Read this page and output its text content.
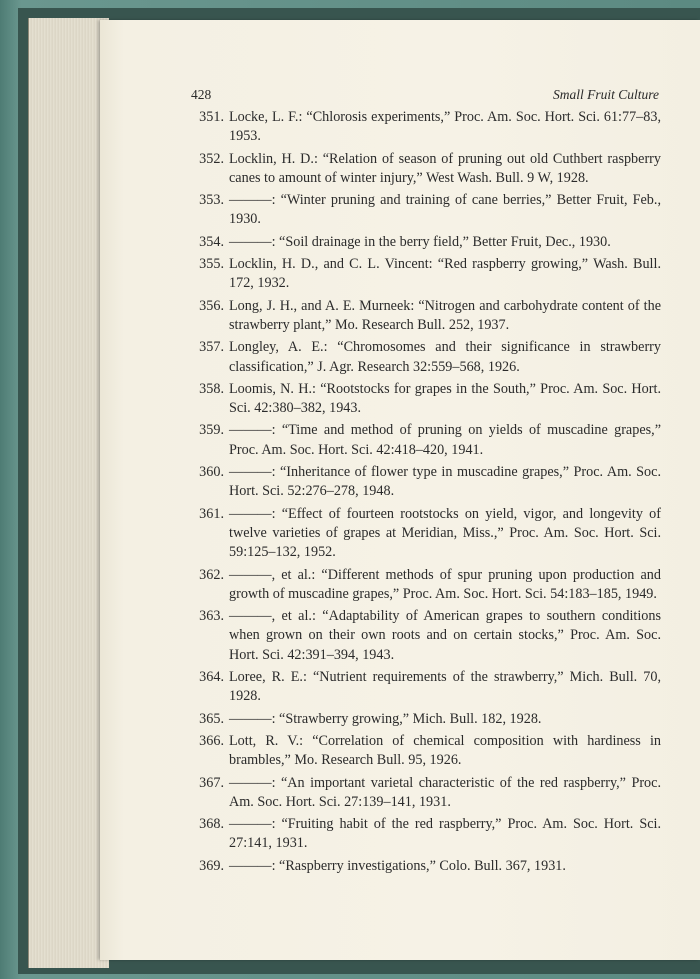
428	Small Fruit Culture
351. Locke, L. F.: “Chlorosis experiments,” Proc. Am. Soc. Hort. Sci. 61:77–83, 1953.
352. Locklin, H. D.: “Relation of season of pruning out old Cuthbert raspberry canes to amount of winter injury,” West Wash. Bull. 9 W, 1928.
353. ———: “Winter pruning and training of cane berries,” Better Fruit, Feb., 1930.
354. ———: “Soil drainage in the berry field,” Better Fruit, Dec., 1930.
355. Locklin, H. D., and C. L. Vincent: “Red raspberry growing,” Wash. Bull. 172, 1932.
356. Long, J. H., and A. E. Murneek: “Nitrogen and carbohydrate content of the strawberry plant,” Mo. Research Bull. 252, 1937.
357. Longley, A. E.: “Chromosomes and their significance in strawberry classification,” J. Agr. Research 32:559–568, 1926.
358. Loomis, N. H.: “Rootstocks for grapes in the South,” Proc. Am. Soc. Hort. Sci. 42:380–382, 1943.
359. ———: “Time and method of pruning on yields of muscadine grapes,” Proc. Am. Soc. Hort. Sci. 42:418–420, 1941.
360. ———: “Inheritance of flower type in muscadine grapes,” Proc. Am. Soc. Hort. Sci. 52:276–278, 1948.
361. ———: “Effect of fourteen rootstocks on yield, vigor, and longevity of twelve varieties of grapes at Meridian, Miss.,” Proc. Am. Soc. Hort. Sci. 59:125–132, 1952.
362. ———, et al.: “Different methods of spur pruning upon production and growth of muscadine grapes,” Proc. Am. Soc. Hort. Sci. 54:183–185, 1949.
363. ———, et al.: “Adaptability of American grapes to southern conditions when grown on their own roots and on certain stocks,” Proc. Am. Soc. Hort. Sci. 42:391–394, 1943.
364. Loree, R. E.: “Nutrient requirements of the strawberry,” Mich. Bull. 70, 1928.
365. ———: “Strawberry growing,” Mich. Bull. 182, 1928.
366. Lott, R. V.: “Correlation of chemical composition with hardiness in brambles,” Mo. Research Bull. 95, 1926.
367. ———: “An important varietal characteristic of the red raspberry,” Proc. Am. Soc. Hort. Sci. 27:139–141, 1931.
368. ———: “Fruiting habit of the red raspberry,” Proc. Am. Soc. Hort. Sci. 27:141, 1931.
369. ———: “Raspberry investigations,” Colo. Bull. 367, 1931.
